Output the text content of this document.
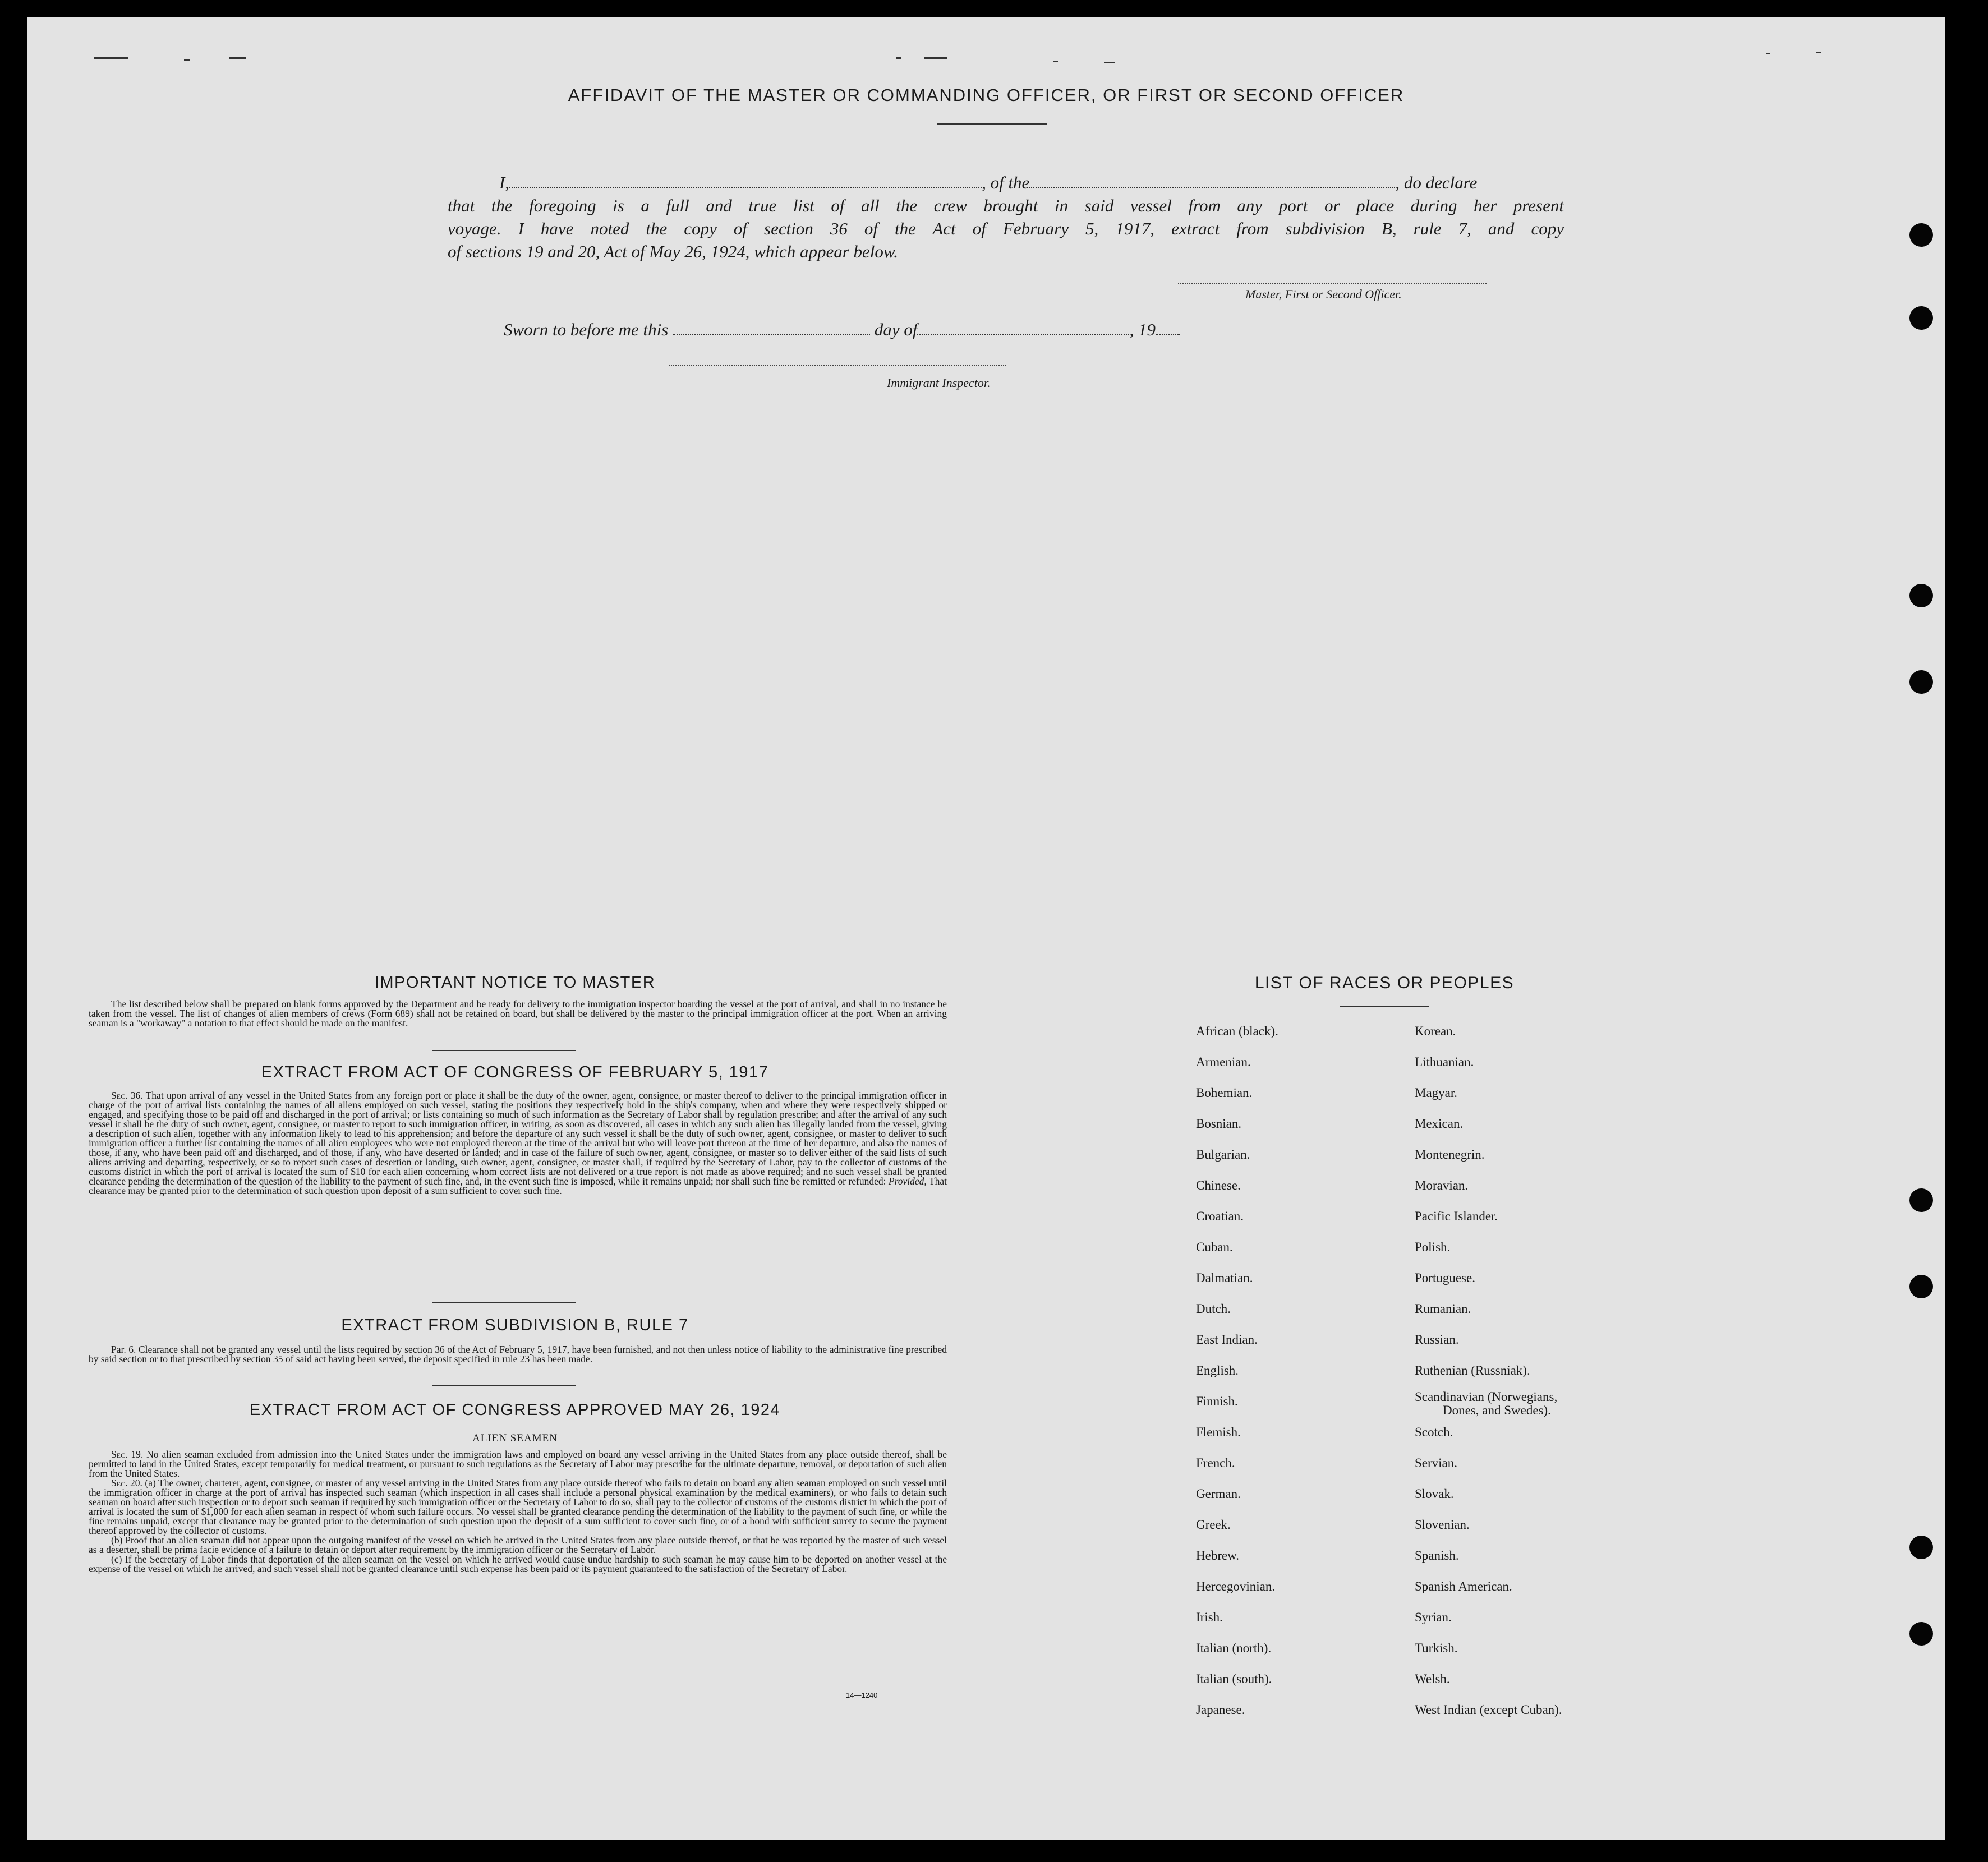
AFFIDAVIT OF THE MASTER OR COMMANDING OFFICER, OR FIRST OR SECOND OFFICER
I,	, of the	, do declare
that the foregoing is a full and true list of all the crew brought in said vessel from any port or place during her present
voyage. I have noted the copy of section 36 of the Act of February 5, 1917, extract from subdivision B, rule 7, and copy
of sections 19 and 20, Act of May 26, 1924, which appear below.
Master, First or Second Officer.
Sworn to before me this	day of	, 19
Immigrant Inspector.
IMPORTANT NOTICE TO MASTER

The list described below shall be prepared on blank forms approved by the Department and be ready for delivery to the immigration inspector boarding the vessel at the port of arrival, and shall in no instance be taken from the vessel. The list of changes of alien members of crews (Form 689) shall not be retained on board, but shall be delivered by the master to the principal immigration officer at the port. When an arriving seaman is a "workaway" a notation to that effect should be made on the manifest.

EXTRACT FROM ACT OF CONGRESS OF FEBRUARY 5, 1917

Sec. 36. That upon arrival of any vessel in the United States from any foreign port or place it shall be the duty of the owner, agent, consignee, or master thereof to deliver to the principal immigration officer in charge of the port of arrival lists containing the names of all aliens employed on such vessel, stating the positions they respectively hold in the ship's company, when and where they were respectively shipped or engaged, and specifying those to be paid off and discharged in the port of arrival; or lists containing so much of such information as the Secretary of Labor shall by regulation prescribe; and after the arrival of any such vessel it shall be the duty of such owner, agent, consignee, or master to report to such immigration officer, in writing, as soon as discovered, all cases in which any such alien has illegally landed from the vessel, giving a description of such alien, together with any information likely to lead to his apprehension; and before the departure of any such vessel it shall be the duty of such owner, agent, consignee, or master to deliver to such immigration officer a further list containing the names of all alien employees who were not employed thereon at the time of the arrival but who will leave port thereon at the time of her departure, and also the names of those, if any, who have been paid off and discharged, and of those, if any, who have deserted or landed; and in case of the failure of such owner, agent, consignee, or master so to deliver either of the said lists of such aliens arriving and departing, respectively, or so to report such cases of desertion or landing, such owner, agent, consignee, or master shall, if required by the Secretary of Labor, pay to the collector of customs of the customs district in which the port of arrival is located the sum of $10 for each alien concerning whom correct lists are not delivered or a true report is not made as above required; and no such vessel shall be granted clearance pending the determination of the question of the liability to the payment of such fine, and, in the event such fine is imposed, while it remains unpaid; nor shall such fine be remitted or refunded: Provided, That clearance may be granted prior to the determination of such question upon deposit of a sum sufficient to cover such fine.

EXTRACT FROM SUBDIVISION B, RULE 7

Par. 6. Clearance shall not be granted any vessel until the lists required by section 36 of the Act of February 5, 1917, have been furnished, and not then unless notice of liability to the administrative fine prescribed by said section or to that prescribed by section 35 of said act having been served, the deposit specified in rule 23 has been made.

EXTRACT FROM ACT OF CONGRESS APPROVED MAY 26, 1924
ALIEN SEAMEN

Sec. 19. No alien seaman excluded from admission into the United States under the immigration laws and employed on board any vessel arriving in the United States from any place outside thereof, shall be permitted to land in the United States, except temporarily for medical treatment, or pursuant to such regulations as the Secretary of Labor may prescribe for the ultimate departure, removal, or deportation of such alien from the United States.

Sec. 20. (a) The owner, charterer, agent, consignee, or master of any vessel arriving in the United States from any place outside thereof who fails to detain on board any alien seaman employed on such vessel until the immigration officer in charge at the port of arrival has inspected such seaman (which inspection in all cases shall include a personal physical examination by the medical examiners), or who fails to detain such seaman on board after such inspection or to deport such seaman if required by such immigration officer or the Secretary of Labor to do so, shall pay to the collector of customs of the customs district in which the port of arrival is located the sum of $1,000 for each alien seaman in respect of whom such failure occurs. No vessel shall be granted clearance pending the determination of the liability to the payment of such fine, or while the fine remains unpaid, except that clearance may be granted prior to the determination of such question upon the deposit of a sum sufficient to cover such fine, or of a bond with sufficient surety to secure the payment thereof approved by the collector of customs.

(b) Proof that an alien seaman did not appear upon the outgoing manifest of the vessel on which he arrived in the United States from any place outside thereof, or that he was reported by the master of such vessel as a deserter, shall be prima facie evidence of a failure to detain or deport after requirement by the immigration officer or the Secretary of Labor.

(c) If the Secretary of Labor finds that deportation of the alien seaman on the vessel on which he arrived would cause undue hardship to such seaman he may cause him to be deported on another vessel at the expense of the vessel on which he arrived, and such vessel shall not be granted clearance until such expense has been paid or its payment guaranteed to the satisfaction of the Secretary of Labor.

14—1240
LIST OF RACES OR PEOPLES
African (black).
Armenian.
Bohemian.
Bosnian.
Bulgarian.
Chinese.
Croatian.
Cuban.
Dalmatian.
Dutch.
East Indian.
English.
Finnish.
Flemish.
French.
German.
Greek.
Hebrew.
Hercegovinian.
Irish.
Italian (north).
Italian (south).
Japanese.
Korean.
Lithuanian.
Magyar.
Mexican.
Montenegrin.
Moravian.
Pacific Islander.
Polish.
Portuguese.
Rumanian.
Russian.
Ruthenian (Russniak).
Scandinavian (Norwegians,
Dones, and Swedes).
Scotch.
Servian.
Slovak.
Slovenian.
Spanish.
Spanish American.
Syrian.
Turkish.
Welsh.
West Indian (except Cuban).
